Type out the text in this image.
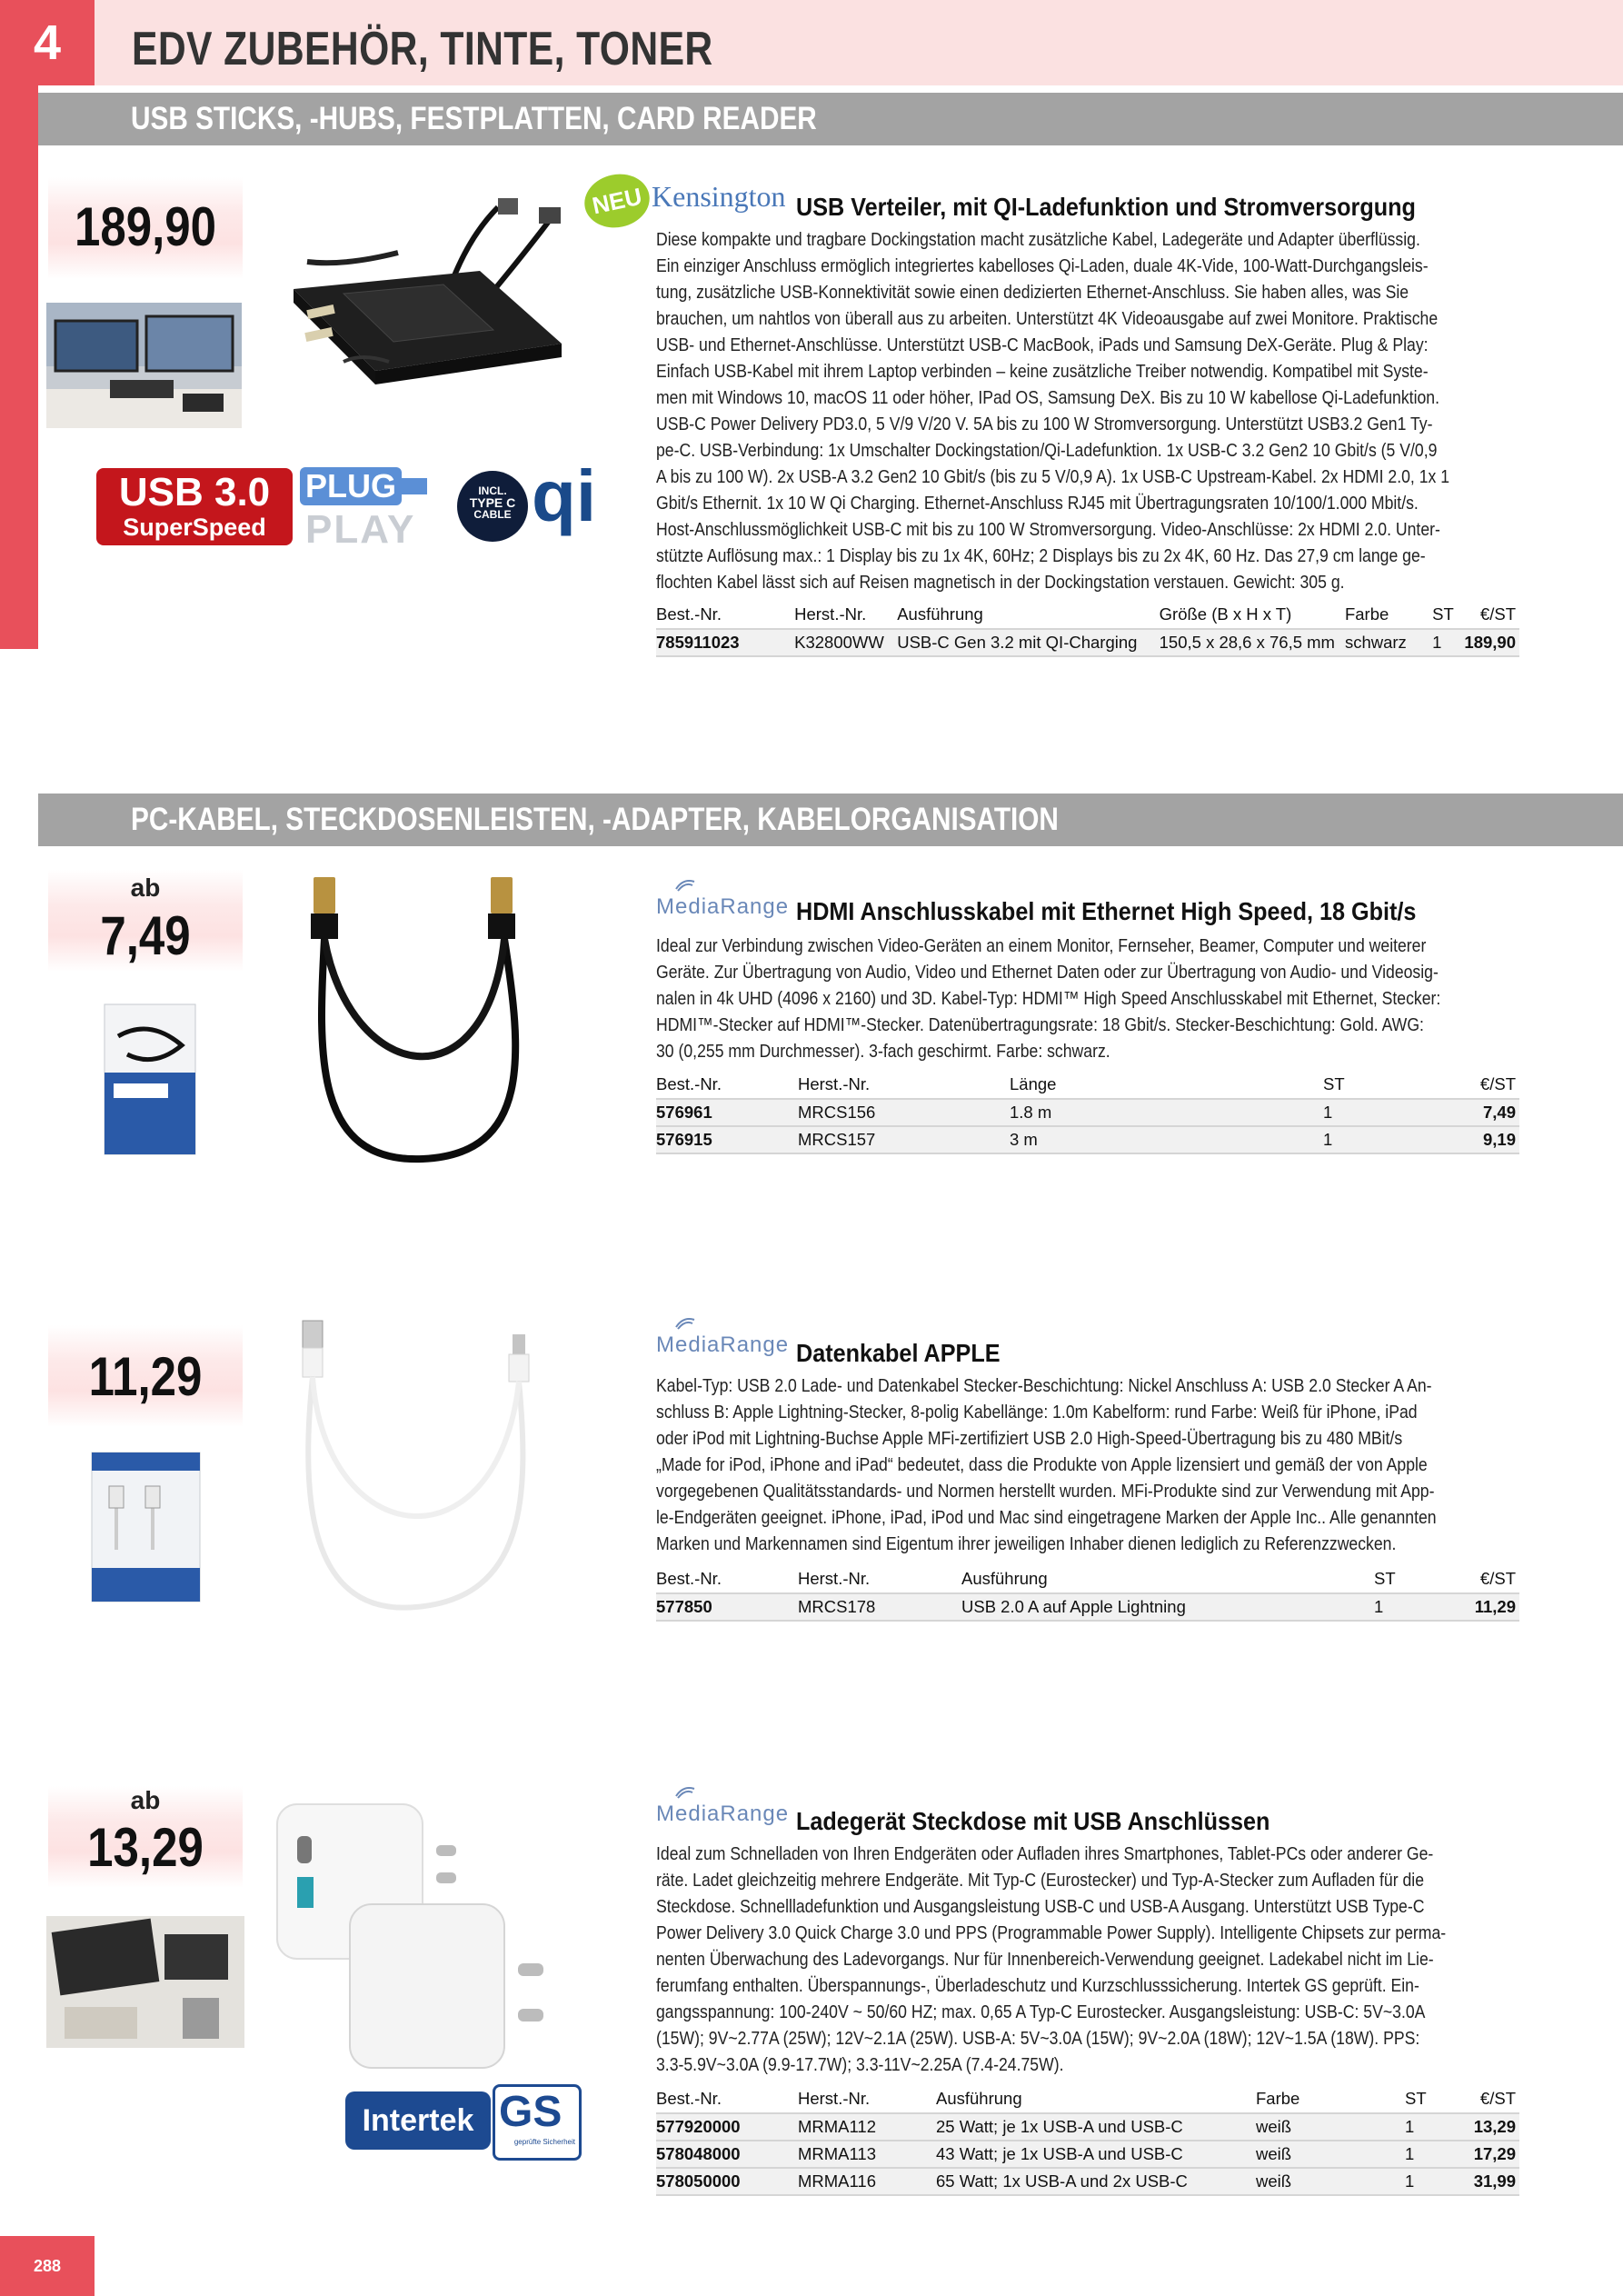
4	EDV ZUBEHÖR, TINTE, TONER
USB STICKS, -HUBS, FESTPLATTEN, CARD READER
189,90
USB 3.0
SuperSpeed
PLUG
PLAY
INCL.
TYPE C
CABLE qi
NEU Kensington USB Verteiler, mit QI-Ladefunktion und Stromversorgung
Diese kompakte und tragbare Dockingstation macht zusätzliche Kabel, Ladegeräte und Adapter überflüssig.
Ein einziger Anschluss ermöglich integriertes kabelloses Qi-Laden, duale 4K-Vide, 100-Watt-Durchgangsleis-
tung, zusätzliche USB-Konnektivität sowie einen dedizierten Ethernet-Anschluss. Sie haben alles, was Sie
brauchen, um nahtlos von überall aus zu arbeiten. Unterstützt 4K Videoausgabe auf zwei Monitore. Praktische
USB- und Ethernet-Anschlüsse. Unterstützt USB-C MacBook, iPads und Samsung DeX-Geräte. Plug & Play:
Einfach USB-Kabel mit ihrem Laptop verbinden – keine zusätzliche Treiber notwendig. Kompatibel mit Syste-
men mit Windows 10, macOS 11 oder höher, IPad OS, Samsung DeX. Bis zu 10 W kabellose Qi-Ladefunktion.
USB-C Power Delivery PD3.0, 5 V/9 V/20 V. 5A bis zu 100 W Stromversorgung. Unterstützt USB3.2 Gen1 Ty-
pe-C. USB-Verbindung: 1x Umschalter Dockingstation/Qi-Ladefunktion. 1x USB-C 3.2 Gen2 10 Gbit/s (5 V/0,9
A bis zu 100 W). 2x USB-A 3.2 Gen2 10 Gbit/s (bis zu 5 V/0,9 A). 1x USB-C Upstream-Kabel. 2x HDMI 2.0, 1x 1
Gbit/s Ethernit. 1x 10 W Qi Charging. Ethernet-Anschluss RJ45 mit Übertragungsraten 10/100/1.000 Mbit/s.
Host-Anschlussmöglichkeit USB-C mit bis zu 100 W Stromversorgung. Video-Anschlüsse: 2x HDMI 2.0. Unter-
stützte Auflösung max.: 1 Display bis zu 1x 4K, 60Hz; 2 Displays bis zu 2x 4K, 60 Hz. Das 27,9 cm lange ge-
flochten Kabel lässt sich auf Reisen magnetisch in der Dockingstation verstauen. Gewicht: 305 g.
Best.-Nr.	Herst.-Nr.	Ausführung	Größe (B x H x T)	Farbe	ST	€/ST
785911023	K32800WW	USB-C Gen 3.2 mit QI-Charging	150,5 x 28,6 x 76,5 mm	schwarz	1	189,90
PC-KABEL, STECKDOSENLEISTEN, -ADAPTER, KABELORGANISATION
ab
7,49	MediaRange HDMI Anschlusskabel mit Ethernet High Speed, 18 Gbit/s
Ideal zur Verbindung zwischen Video-Geräten an einem Monitor, Fernseher, Beamer, Computer und weiterer
Geräte. Zur Übertragung von Audio, Video und Ethernet Daten oder zur Übertragung von Audio- und Videosig-
nalen in 4k UHD (4096 x 2160) und 3D. Kabel-Typ: HDMI™ High Speed Anschlusskabel mit Ethernet, Stecker:
HDMI™-Stecker auf HDMI™-Stecker. Datenübertragungsrate: 18 Gbit/s. Stecker-Beschichtung: Gold. AWG:
30 (0,255 mm Durchmesser). 3-fach geschirmt. Farbe: schwarz.
Best.-Nr.	Herst.-Nr.	Länge	ST	€/ST
576961	MRCS156	1.8 m	1	7,49
576915	MRCS157	3 m	1	9,19
11,29
MediaRange Datenkabel APPLE
Kabel-Typ: USB 2.0 Lade- und Datenkabel Stecker-Beschichtung: Nickel Anschluss A: USB 2.0 Stecker A An-
schluss B: Apple Lightning-Stecker, 8-polig Kabellänge: 1.0m Kabelform: rund Farbe: Weiß für iPhone, iPad
oder iPod mit Lightning-Buchse Apple MFi-zertifiziert USB 2.0 High-Speed-Übertragung bis zu 480 MBit/s
„Made for iPod, iPhone and iPad“ bedeutet, dass die Produkte von Apple lizensiert und gemäß der von Apple
vorgegebenen Qualitätsstandards- und Normen herstellt wurden. MFi-Produkte sind zur Verwendung mit App-
le-Endgeräten geeignet. iPhone, iPad, iPod und Mac sind eingetragene Marken der Apple Inc.. Alle genannten
Marken und Markennamen sind Eigentum ihrer jeweiligen Inhaber dienen lediglich zu Referenzzwecken.
Best.-Nr.	Herst.-Nr.	Ausführung	ST	€/ST
577850	MRCS178	USB 2.0 A auf Apple Lightning	1	11,29
ab
13,29
Intertek GS
geprüfte Sicherheit
MediaRange Ladegerät Steckdose mit USB Anschlüssen
Ideal zum Schnelladen von Ihren Endgeräten oder Aufladen ihres Smartphones, Tablet-PCs oder anderer Ge-
räte. Ladet gleichzeitig mehrere Endgeräte. Mit Typ-C (Eurostecker) und Typ-A-Stecker zum Aufladen für die
Steckdose. Schnellladefunktion und Ausgangsleistung USB-C und USB-A Ausgang. Unterstützt USB Type-C
Power Delivery 3.0 Quick Charge 3.0 und PPS (Programmable Power Supply). Intelligente Chipsets zur perma-
nenten Überwachung des Ladevorgangs. Nur für Innenbereich-Verwendung geeignet. Ladekabel nicht im Lie-
ferumfang enthalten. Überspannungs-, Überladeschutz und Kurzschlusssicherung. Intertek GS geprüft. Ein-
gangsspannung: 100-240V ~ 50/60 HZ; max. 0,65 A Typ-C Eurostecker. Ausgangsleistung: USB-C: 5V~3.0A
(15W); 9V~2.77A (25W); 12V~2.1A (25W). USB-A: 5V~3.0A (15W); 9V~2.0A (18W); 12V~1.5A (18W). PPS:
3.3-5.9V~3.0A (9.9-17.7W); 3.3-11V~2.25A (7.4-24.75W).
Best.-Nr.	Herst.-Nr.	Ausführung	Farbe	ST	€/ST
577920000	MRMA112	25 Watt; je 1x USB-A und USB-C	weiß	1	13,29
578048000	MRMA113	43 Watt; je 1x USB-A und USB-C	weiß	1	17,29
578050000	MRMA116	65 Watt; 1x USB-A und 2x USB-C	weiß	1	31,99
288
